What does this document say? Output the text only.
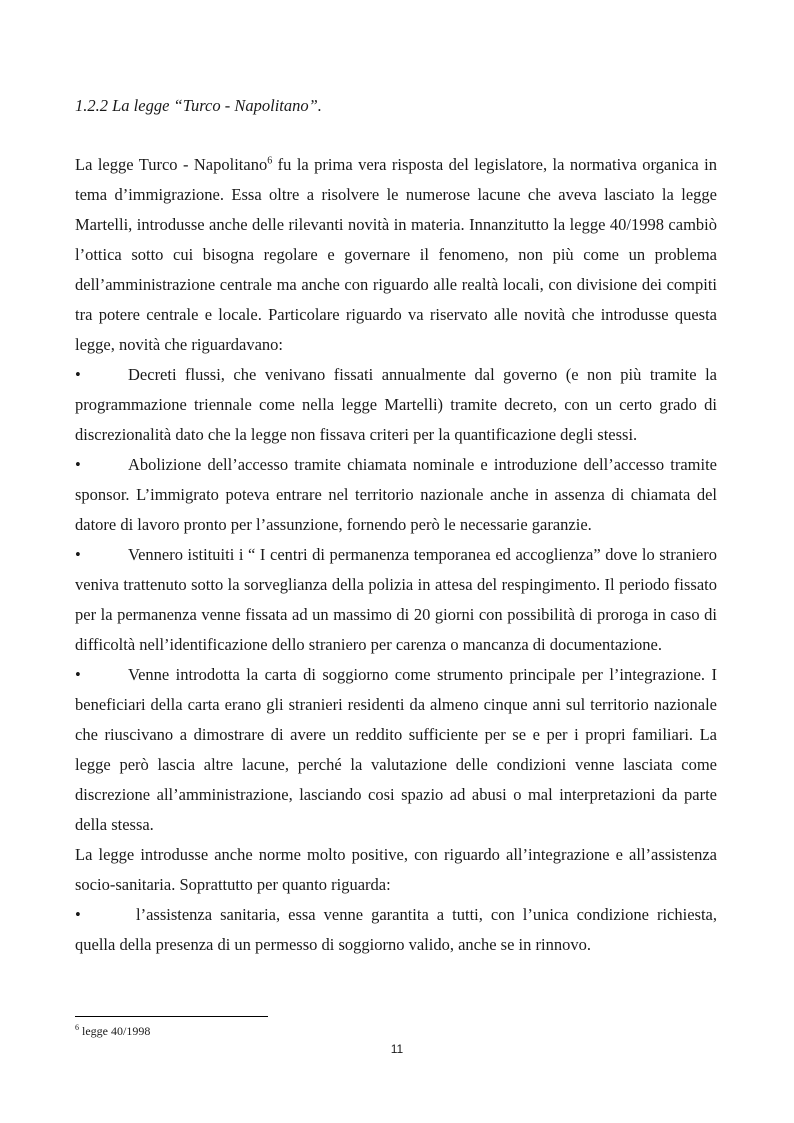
1.2.2 La legge “Turco - Napolitano”.

La legge Turco - Napolitano$^6$ fu la prima vera risposta del legislatore, la normativa organica in tema d’immigrazione. Essa oltre a risolvere le numerose lacune che aveva lasciato la legge Martelli, introdusse anche delle rilevanti novità in materia. Innanzitutto la legge 40/1998 cambiò l’ottica sotto cui bisogna regolare e governare il fenomeno, non più come un problema dell’amministrazione centrale ma anche con riguardo alle realtà locali, con divisione dei compiti tra potere centrale e locale. Particolare riguardo va riservato alle novità che introdusse questa legge, novità che riguardavano:

•	Decreti flussi, che venivano fissati annualmente dal governo (e non più tramite la programmazione triennale come nella legge Martelli) tramite decreto, con un certo grado di discrezionalità dato che la legge non fissava criteri per la quantificazione degli stessi.

•	Abolizione dell’accesso tramite chiamata nominale e introduzione dell’accesso tramite sponsor. L’immigrato poteva entrare nel territorio nazionale anche in assenza di chiamata del datore di lavoro pronto per l’assunzione, fornendo però le necessarie garanzie.

•	Vennero istituiti i “ I centri di permanenza temporanea ed accoglienza” dove lo straniero veniva trattenuto sotto la sorveglianza della polizia in attesa del respingimento. Il periodo fissato per la permanenza venne fissata ad un massimo di 20 giorni con possibilità di proroga in caso di difficoltà nell’identificazione dello straniero per carenza o mancanza di documentazione.

•	Venne introdotta la carta di soggiorno come strumento principale per l’integrazione. I beneficiari della carta erano gli stranieri residenti da almeno cinque anni sul territorio nazionale che riuscivano a dimostrare di avere un reddito sufficiente per se e per i propri familiari. La legge però lascia altre lacune, perché la valutazione delle condizioni venne lasciata come discrezione all’amministrazione, lasciando cosi spazio ad abusi o mal interpretazioni da parte della stessa.

La legge introdusse anche norme molto positive, con riguardo all’integrazione e all’assistenza socio-sanitaria. Soprattutto per quanto riguarda:

•	l’assistenza sanitaria, essa venne garantita a tutti, con l’unica condizione richiesta, quella della presenza di un permesso di soggiorno valido, anche se in rinnovo.

$^6$ legge 40/1998
11
